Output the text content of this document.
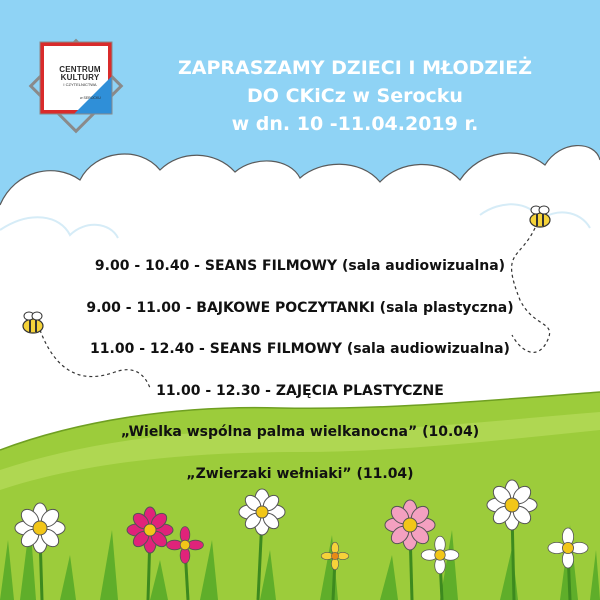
CENTRUM
KULTURY
I CZYTELNICTWA
w SEROCKU
ZAPRASZAMY DZIECI I MŁODZIEŻ
DO CKiCz w Serocku
w dn. 10 -11.04.2019 r.
9.00 - 10.40 - SEANS FILMOWY (sala audiowizualna)
9.00 - 11.00 - BAJKOWE POCZYTANKI (sala plastyczna)
11.00 - 12.40 - SEANS FILMOWY (sala audiowizualna)
11.00 - 12.30 - ZAJĘCIA PLASTYCZNE
„Wielka wspólna palma wielkanocna” (10.04)
„Zwierzaki wełniaki” (11.04)
